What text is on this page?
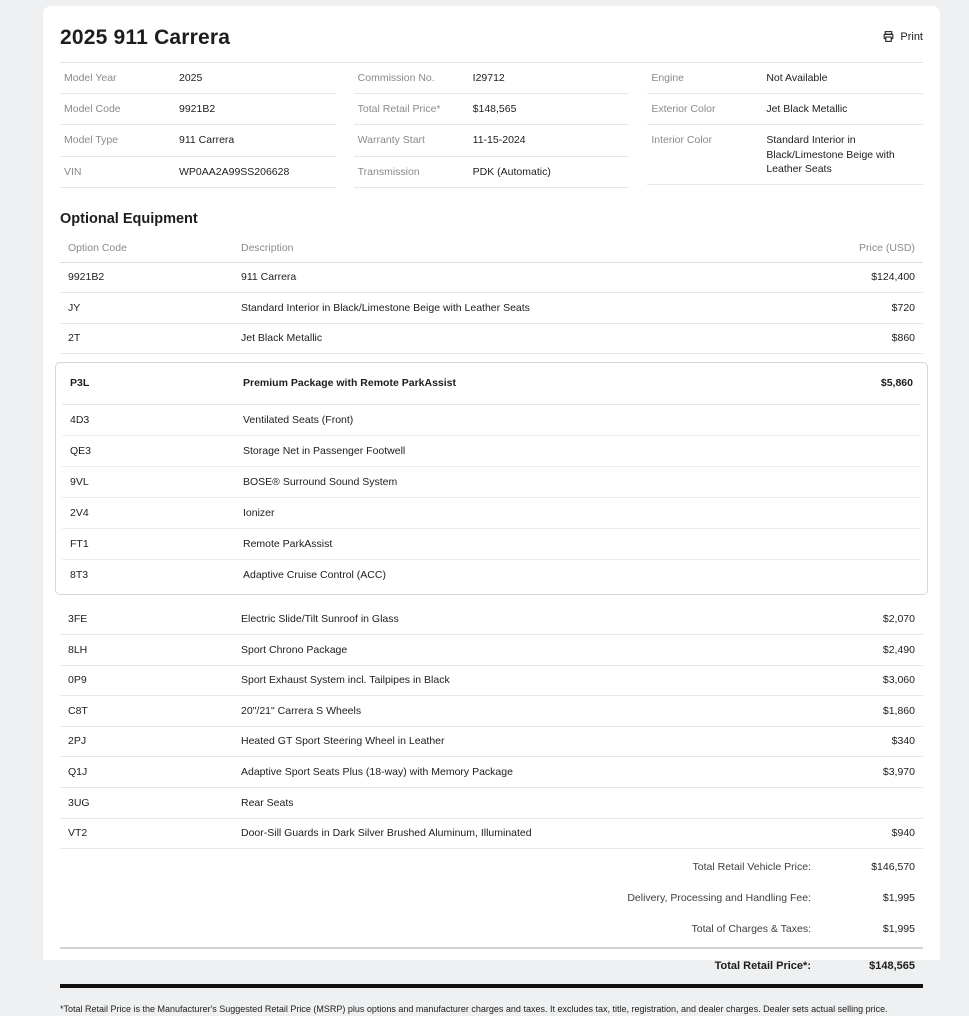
2025 911 Carrera	Print
Model Year	2025
Model Code	9921B2
Model Type	911 Carrera
VIN	WP0AA2A99SS206628
Commission No.	I29712
Total Retail Price*	$148,565
Warranty Start	11-15-2024
Transmission	PDK (Automatic)
Engine	Not Available
Exterior Color	Jet Black Metallic
Interior Color	Standard Interior in Black/Limestone Beige with Leather Seats
Optional Equipment
Option Code	Description	Price (USD)
9921B2	911 Carrera	$124,400
JY	Standard Interior in Black/Limestone Beige with Leather Seats	$720
2T	Jet Black Metallic	$860
P3L	Premium Package with Remote ParkAssist	$5,860
4D3	Ventilated Seats (Front)
QE3	Storage Net in Passenger Footwell
9VL	BOSE® Surround Sound System
2V4	Ionizer
FT1	Remote ParkAssist
8T3	Adaptive Cruise Control (ACC)
3FE	Electric Slide/Tilt Sunroof in Glass	$2,070
8LH	Sport Chrono Package	$2,490
0P9	Sport Exhaust System incl. Tailpipes in Black	$3,060
C8T	20"/21" Carrera S Wheels	$1,860
2PJ	Heated GT Sport Steering Wheel in Leather	$340
Q1J	Adaptive Sport Seats Plus (18-way) with Memory Package	$3,970
3UG	Rear Seats
VT2	Door-Sill Guards in Dark Silver Brushed Aluminum, Illuminated	$940
Total Retail Vehicle Price:	$146,570
Delivery, Processing and Handling Fee:	$1,995
Total of Charges & Taxes:	$1,995
Total Retail Price*:	$148,565
*Total Retail Price is the Manufacturer's Suggested Retail Price (MSRP) plus options and manufacturer charges and taxes. It excludes tax, title, registration, and dealer charges. Dealer sets actual selling price.
